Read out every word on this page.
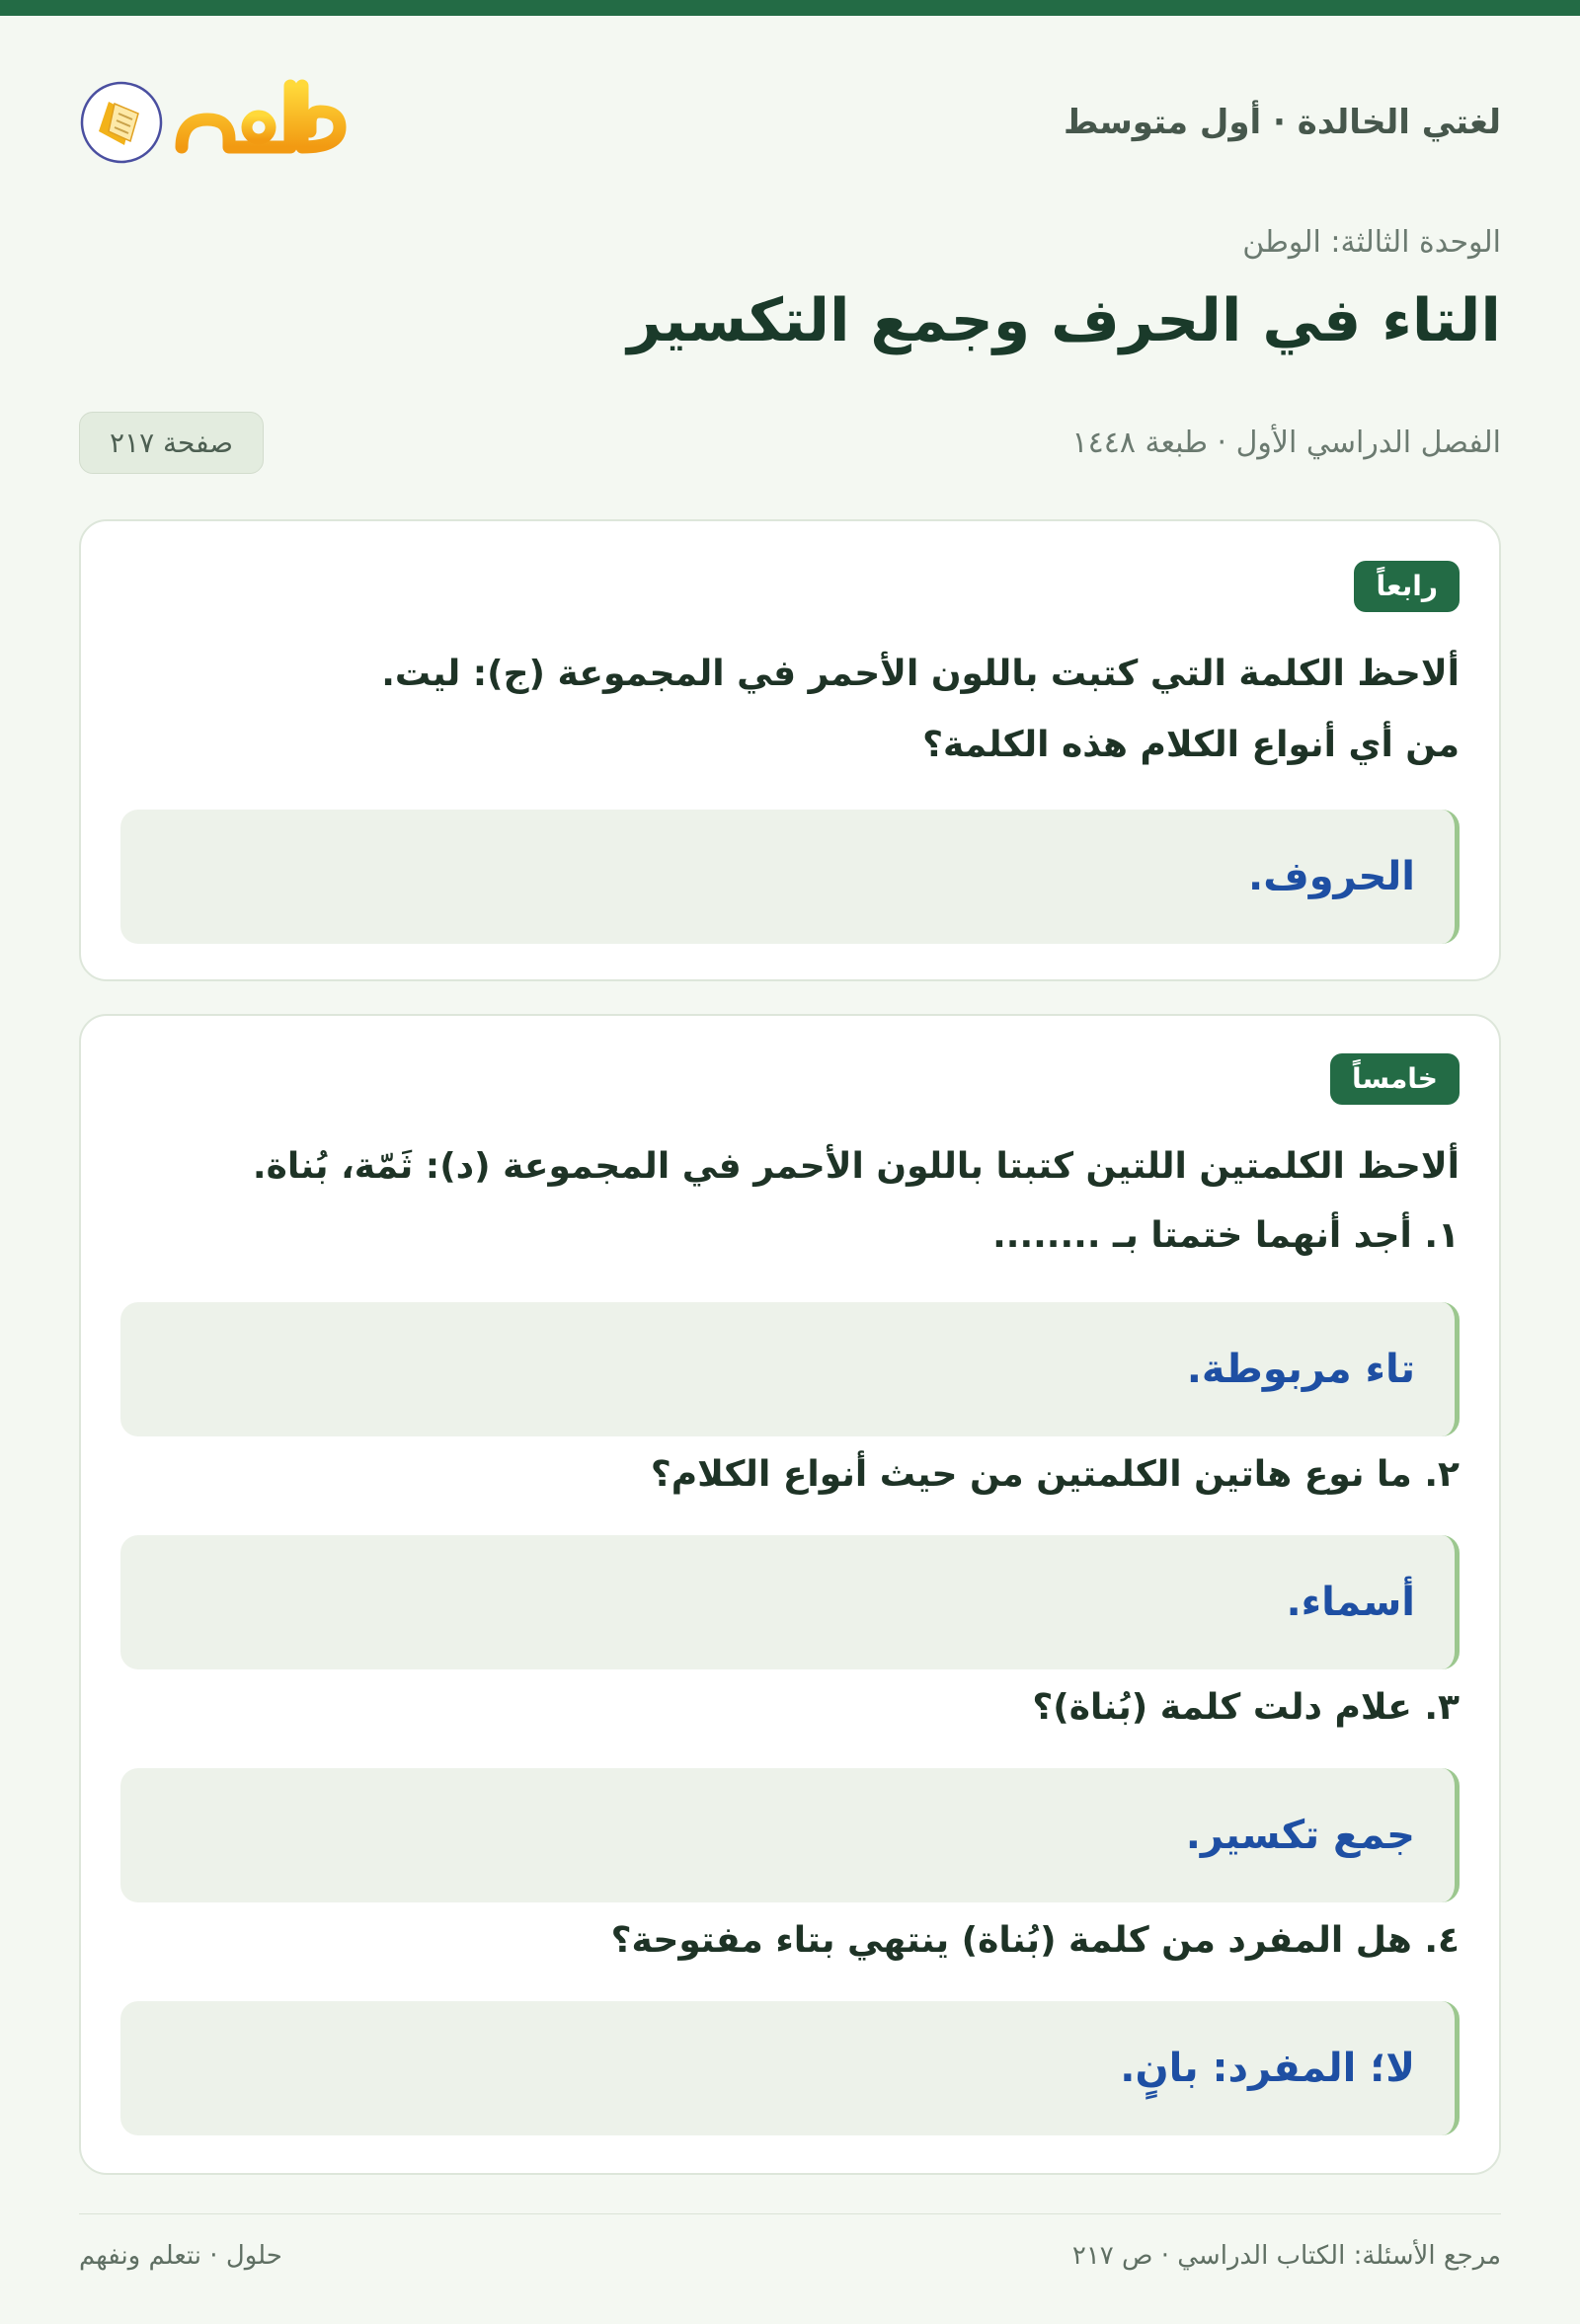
لغتي الخالدة · أول متوسط
حلول
الوحدة الثالثة: الوطن
التاء في الحرف وجمع التكسير
الفصل الدراسي الأول · طبعة ١٤٤٨
صفحة ٢١٧
رابعاً

ألاحظ الكلمة التي كتبت باللون الأحمر في المجموعة (ج): ليت.

من أي أنواع الكلام هذه الكلمة؟

الحروف.
خامساً

ألاحظ الكلمتين اللتين كتبتا باللون الأحمر في المجموعة (د): ثَمّة، بُناة.

١. أجد أنهما ختمتا بـ ........

تاء مربوطة.

٢. ما نوع هاتين الكلمتين من حيث أنواع الكلام؟

أسماء.

٣. علام دلت كلمة (بُناة)؟

جمع تكسير.

٤. هل المفرد من كلمة (بُناة) ينتهي بتاء مفتوحة؟

لا؛ المفرد: بانٍ.
مرجع الأسئلة: الكتاب الدراسي · ص ٢١٧
حلول · نتعلم ونفهم
